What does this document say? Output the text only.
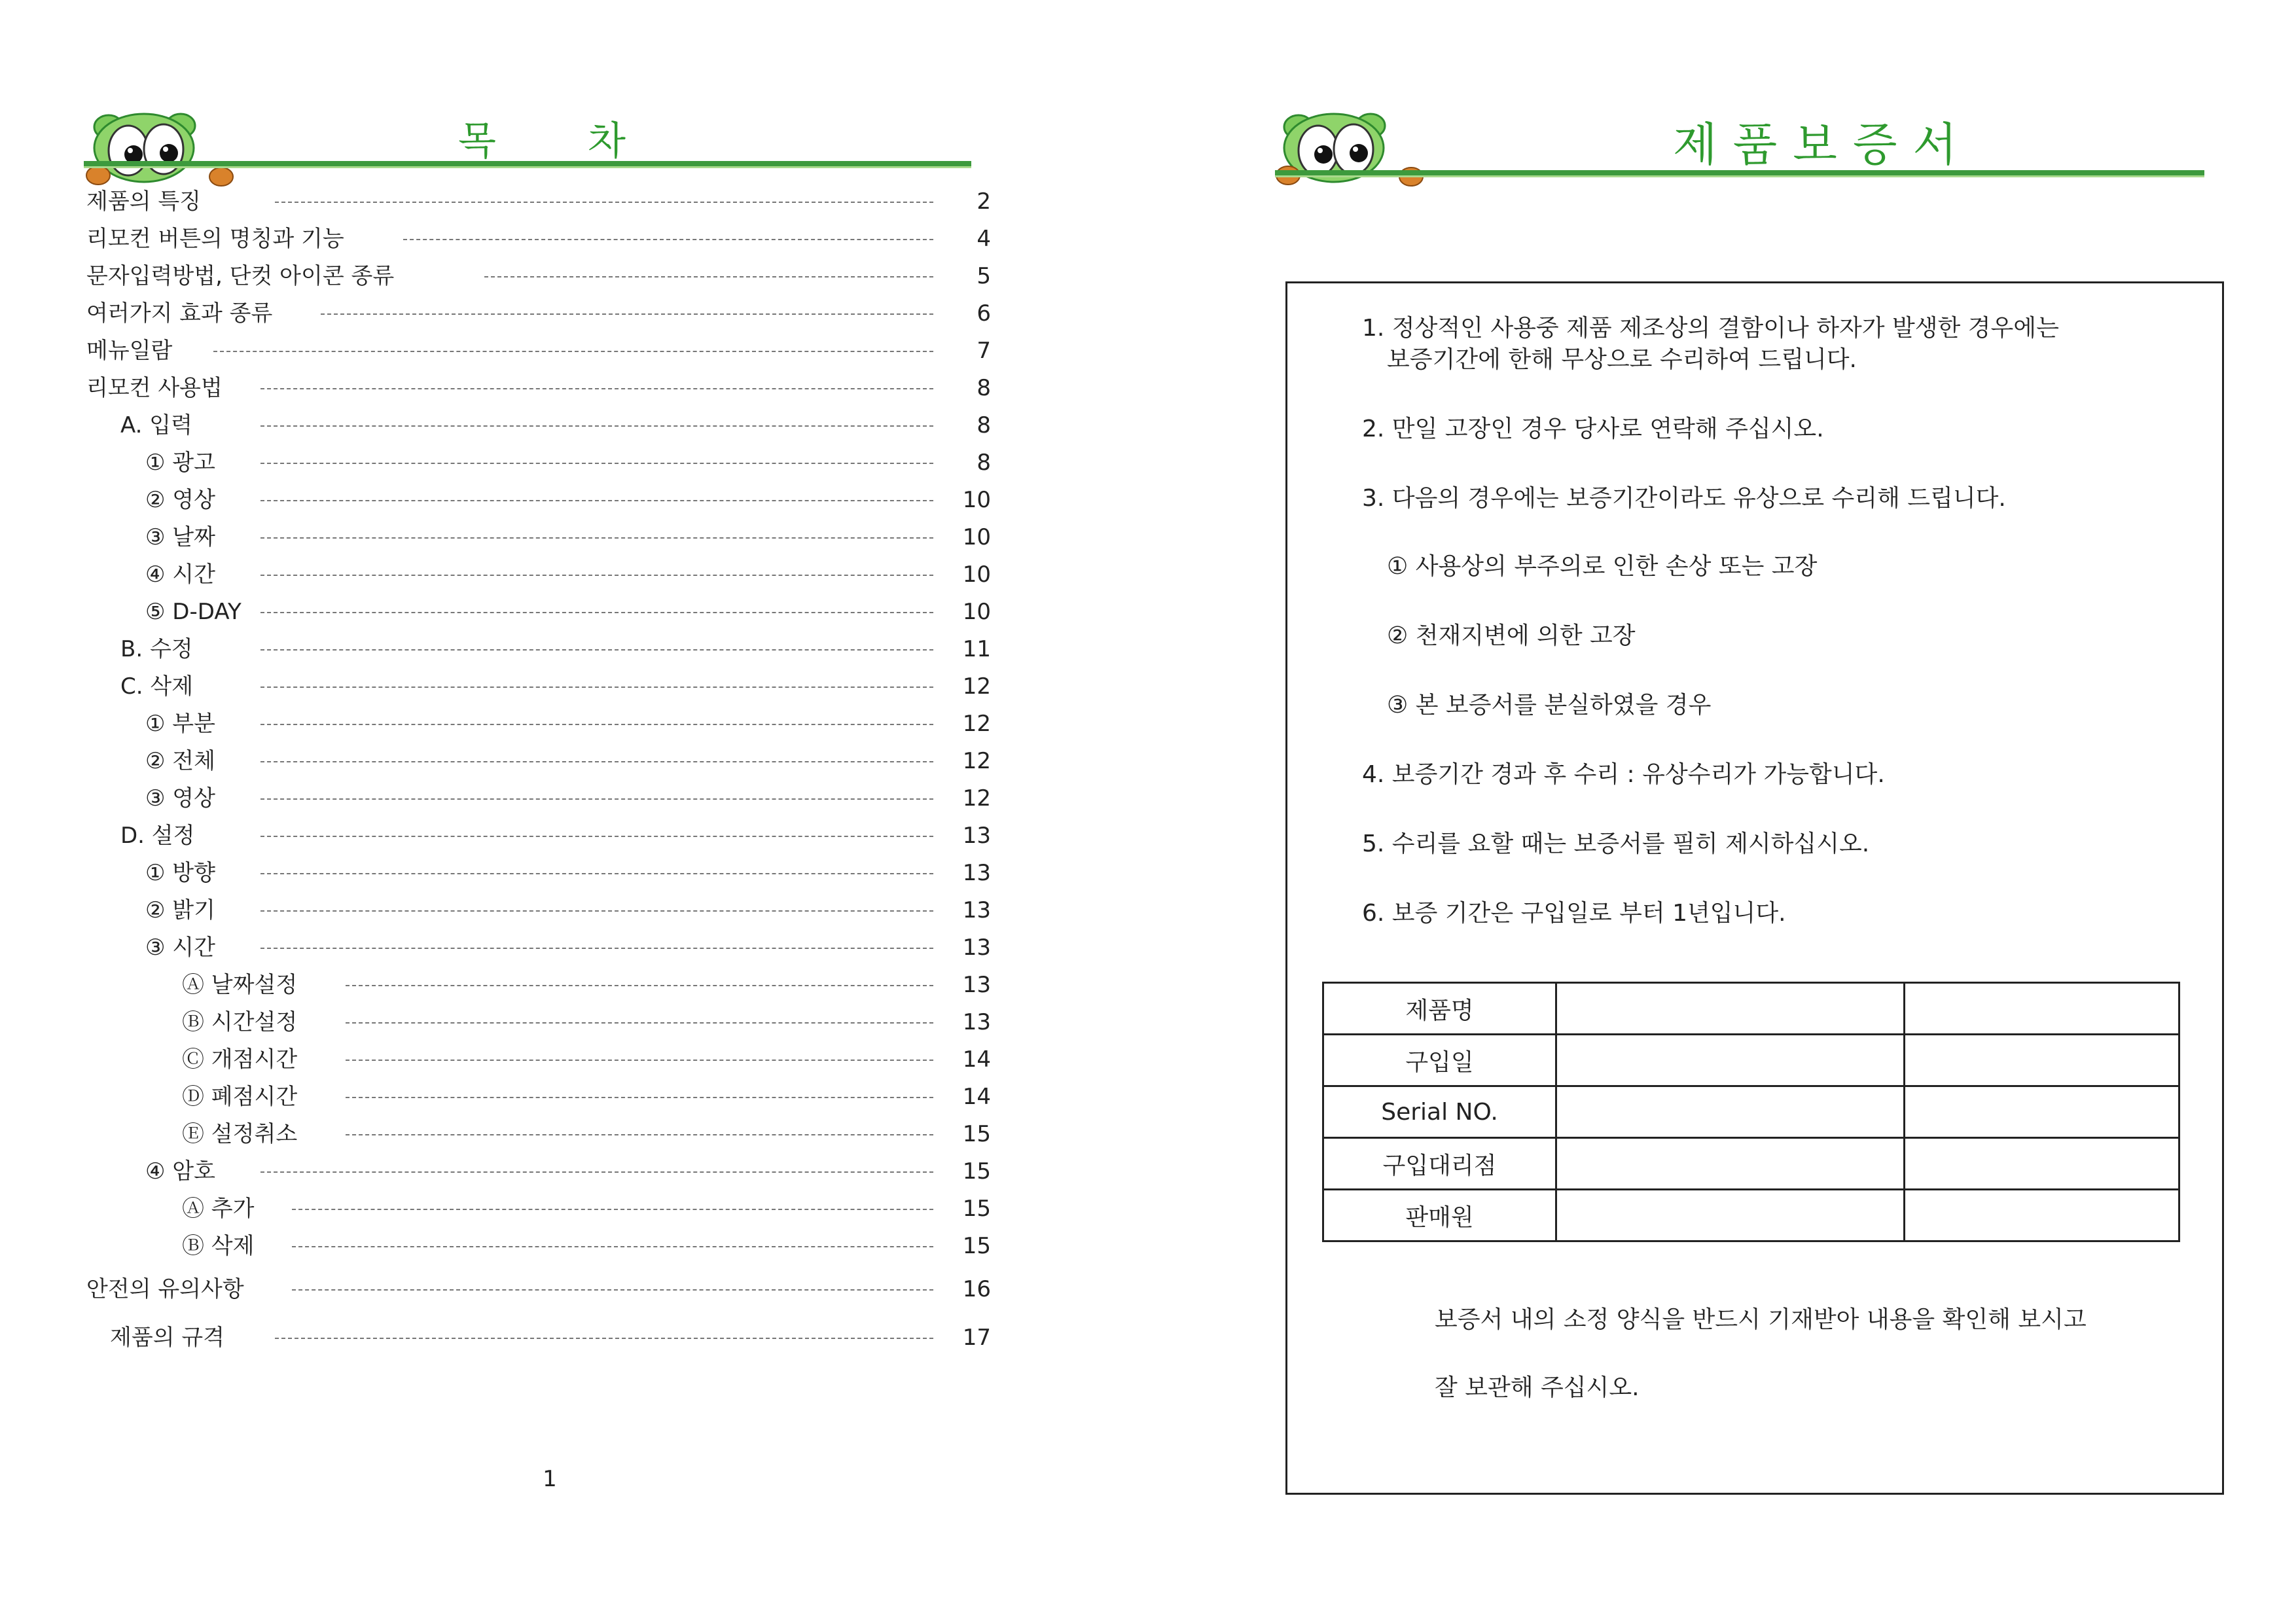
목차
제품의 특징	2
리모컨 버튼의 명칭과 기능	4
문자입력방법, 단컷 아이콘 종류	5
여러가지 효과 종류	6
메뉴일람	7
리모컨 사용법	8
A. 입력	8
① 광고	8
② 영상	10
③ 날짜	10
④ 시간	10
⑤ D-DAY	10
B. 수정	11
C. 삭제	12
① 부분	12
② 전체	12
③ 영상	12
D. 설정	13
① 방향	13
② 밝기	13
③ 시간	13
Ⓐ 날짜설정	13
Ⓑ 시간설정	13
Ⓒ 개점시간	14
Ⓓ 폐점시간	14
Ⓔ 설정취소	15
④ 암호	15
Ⓐ 추가	15
Ⓑ 삭제	15
안전의 유의사항	16
제품의 규격	17
1
제품보증서
1. 정상적인 사용중 제품 제조상의 결함이나 하자가 발생한 경우에는
보증기간에 한해 무상으로 수리하여 드립니다.
2. 만일 고장인 경우 당사로 연락해 주십시오.
3. 다음의 경우에는 보증기간이라도 유상으로 수리해 드립니다.
① 사용상의 부주의로 인한 손상 또는 고장
② 천재지변에 의한 고장
③ 본 보증서를 분실하였을 경우
4. 보증기간 경과 후 수리 : 유상수리가 가능합니다.
5. 수리를 요할 때는 보증서를 필히 제시하십시오.
6. 보증 기간은 구입일로 부터 1년입니다.
제품명		
구입일		
Serial NO.		
구입대리점		
판매원		
보증서 내의 소정 양식을 반드시 기재받아 내용을 확인해 보시고
잘 보관해 주십시오.
